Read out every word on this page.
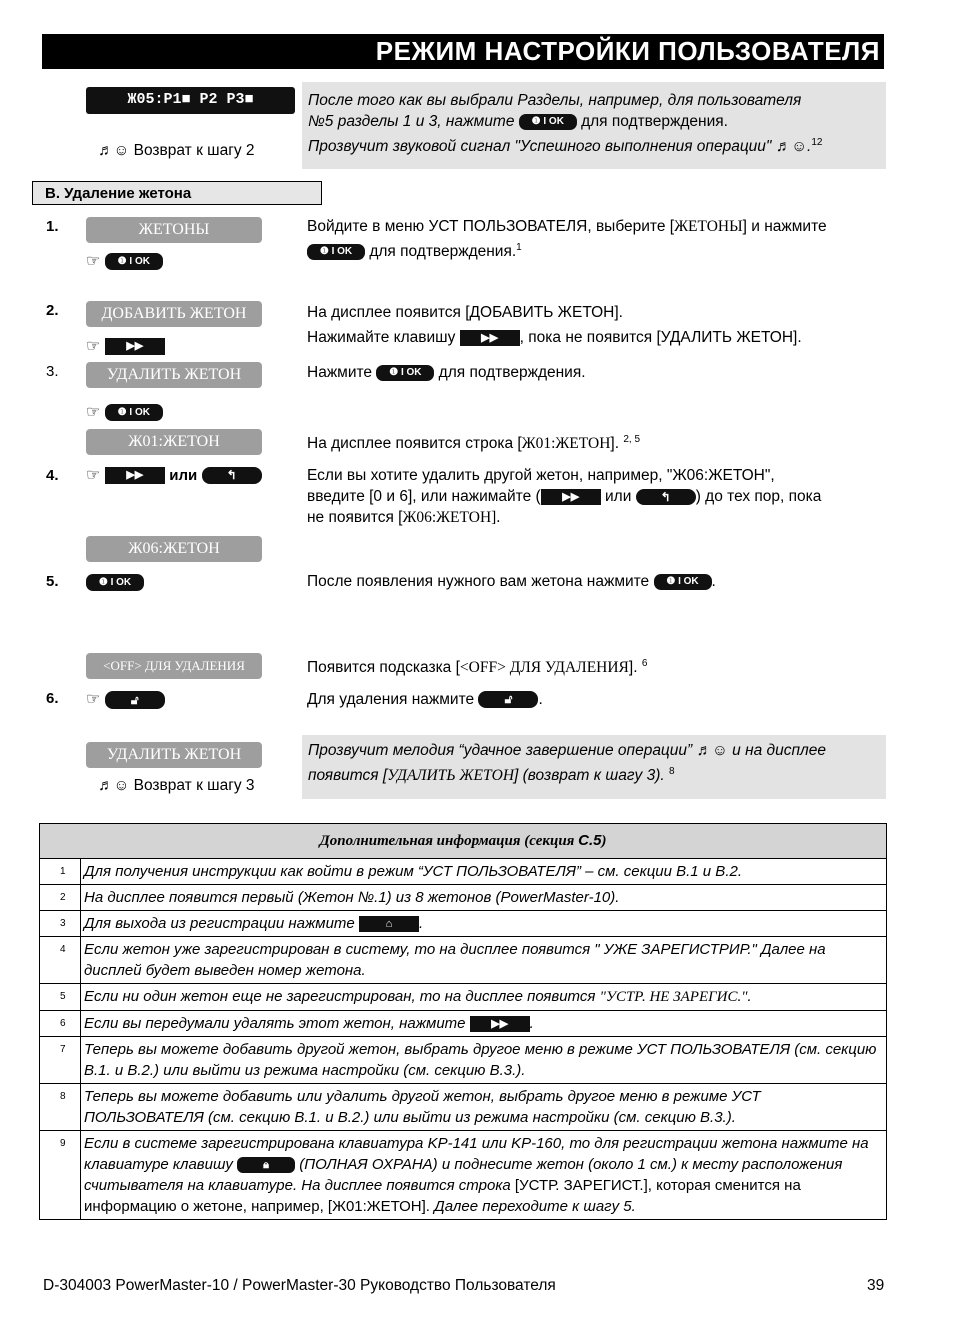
РЕЖИМ НАСТРОЙКИ ПОЛЬЗОВАТЕЛЯ
Ж05:P1■ P2 P3■
♬☺ Возврат к шагу 2
После того как вы выбрали Разделы, например, для пользователя
№5 разделы 1 и 3, нажмите ❶ I OK для подтверждения.
Прозвучит звуковой сигнал "Успешного выполнения операции" ♬☺.$^{12}$
B. Удаление жетона
1.	ЖЕТОНЫ
☞ ❶ I OK
Войдите в меню УСТ ПОЛЬЗОВАТЕЛЯ, выберите [ЖЕТОНЫ] и нажмите
❶ I OK для подтверждения.$^1$
2.	ДОБАВИТЬ ЖЕТОН
☞ ▶▶
На дисплее появится [ДОБАВИТЬ ЖЕТОН].
Нажимайте клавишу ▶▶ , пока не появится [УДАЛИТЬ ЖЕТОН].
3.	УДАЛИТЬ ЖЕТОН
☞ ❶ I OK
Нажмите ❶ I OK для подтверждения.
Ж01:ЖЕТОН	На дисплее появится строка [Ж01:ЖЕТОН]. $^{2, 5}$
4. ☞ ▶▶ или ↰	Если вы хотите удалить другой жетон, например, "Ж06:ЖЕТОН",
введите [0 и 6], или нажимайте ( ▶▶ или ↰ ) до тех пор, пока
не появится [Ж06:ЖЕТОН].
Ж06:ЖЕТОН
5.	❶ I OK	После появления нужного вам жетона нажмите ❶ I OK .
<OFF> ДЛЯ УДАЛЕНИЯ	Появится подсказка [<OFF> ДЛЯ УДАЛЕНИЯ]. $^6$
6. ☞	🔓︎	Для удаления нажмите	🔓︎ .
УДАЛИТЬ ЖЕТОН
♬☺ Возврат к шагу 3
Прозвучит мелодия “удачное завершение операции” ♬☺ и на дисплее
появится [УДАЛИТЬ ЖЕТОН] (возврат к шагу 3). $^8$
Дополнительная информация (секция C.5)	
1	Для получения инструкции как войти в режим “УСТ ПОЛЬЗОВАТЕЛЯ” – см. секции B.1 и B.2.
2	На дисплее появится первый (Жетон №.1) из 8 жетонов (PowerMaster-10).
3	Для выхода из регистрации нажмите ⌂ .
4	Если жетон уже зарегистрирован в систему, то на дисплее появится " УЖЕ ЗАРЕГИСТРИР." Далее на дисплей будет выведен номер жетона.
5	Если ни один жетон еще не зарегистрирован, то на дисплее появится "УСТР. НЕ ЗАРЕГИС.".
6	Если вы передумали удалять этот жетон, нажмите ▶▶ .
7	Теперь вы можете добавить другой жетон, выбрать другое меню в режиме УСТ ПОЛЬЗОВАТЕЛЯ (см. секцию B.1. и B.2.) или выйти из режима настройки (см. секцию B.3.).
8	Теперь вы можете добавить или удалить другой жетон, выбрать другое меню в режиме УСТ ПОЛЬЗОВАТЕЛЯ (см. секцию B.1. и B.2.) или выйти из режима настройки (см. секцию B.3.).
9	Если в системе зарегистрирована клавиатура KP-141 или KP-160, то для регистрации жетона нажмите на клавиатуре клавишу 🔒︎ (ПОЛНАЯ ОХРАНА) и поднесите жетон (около 1 см.) к месту расположения считывателя на клавиатуре. На дисплее появится строка [УСТР. ЗАРЕГИСТ.], которая сменится на информацию о жетоне, например, [Ж01:ЖЕТОН]. Далее переходите к шагу 5.
D-304003 PowerMaster-10 / PowerMaster-30 Руководство Пользователя	39
